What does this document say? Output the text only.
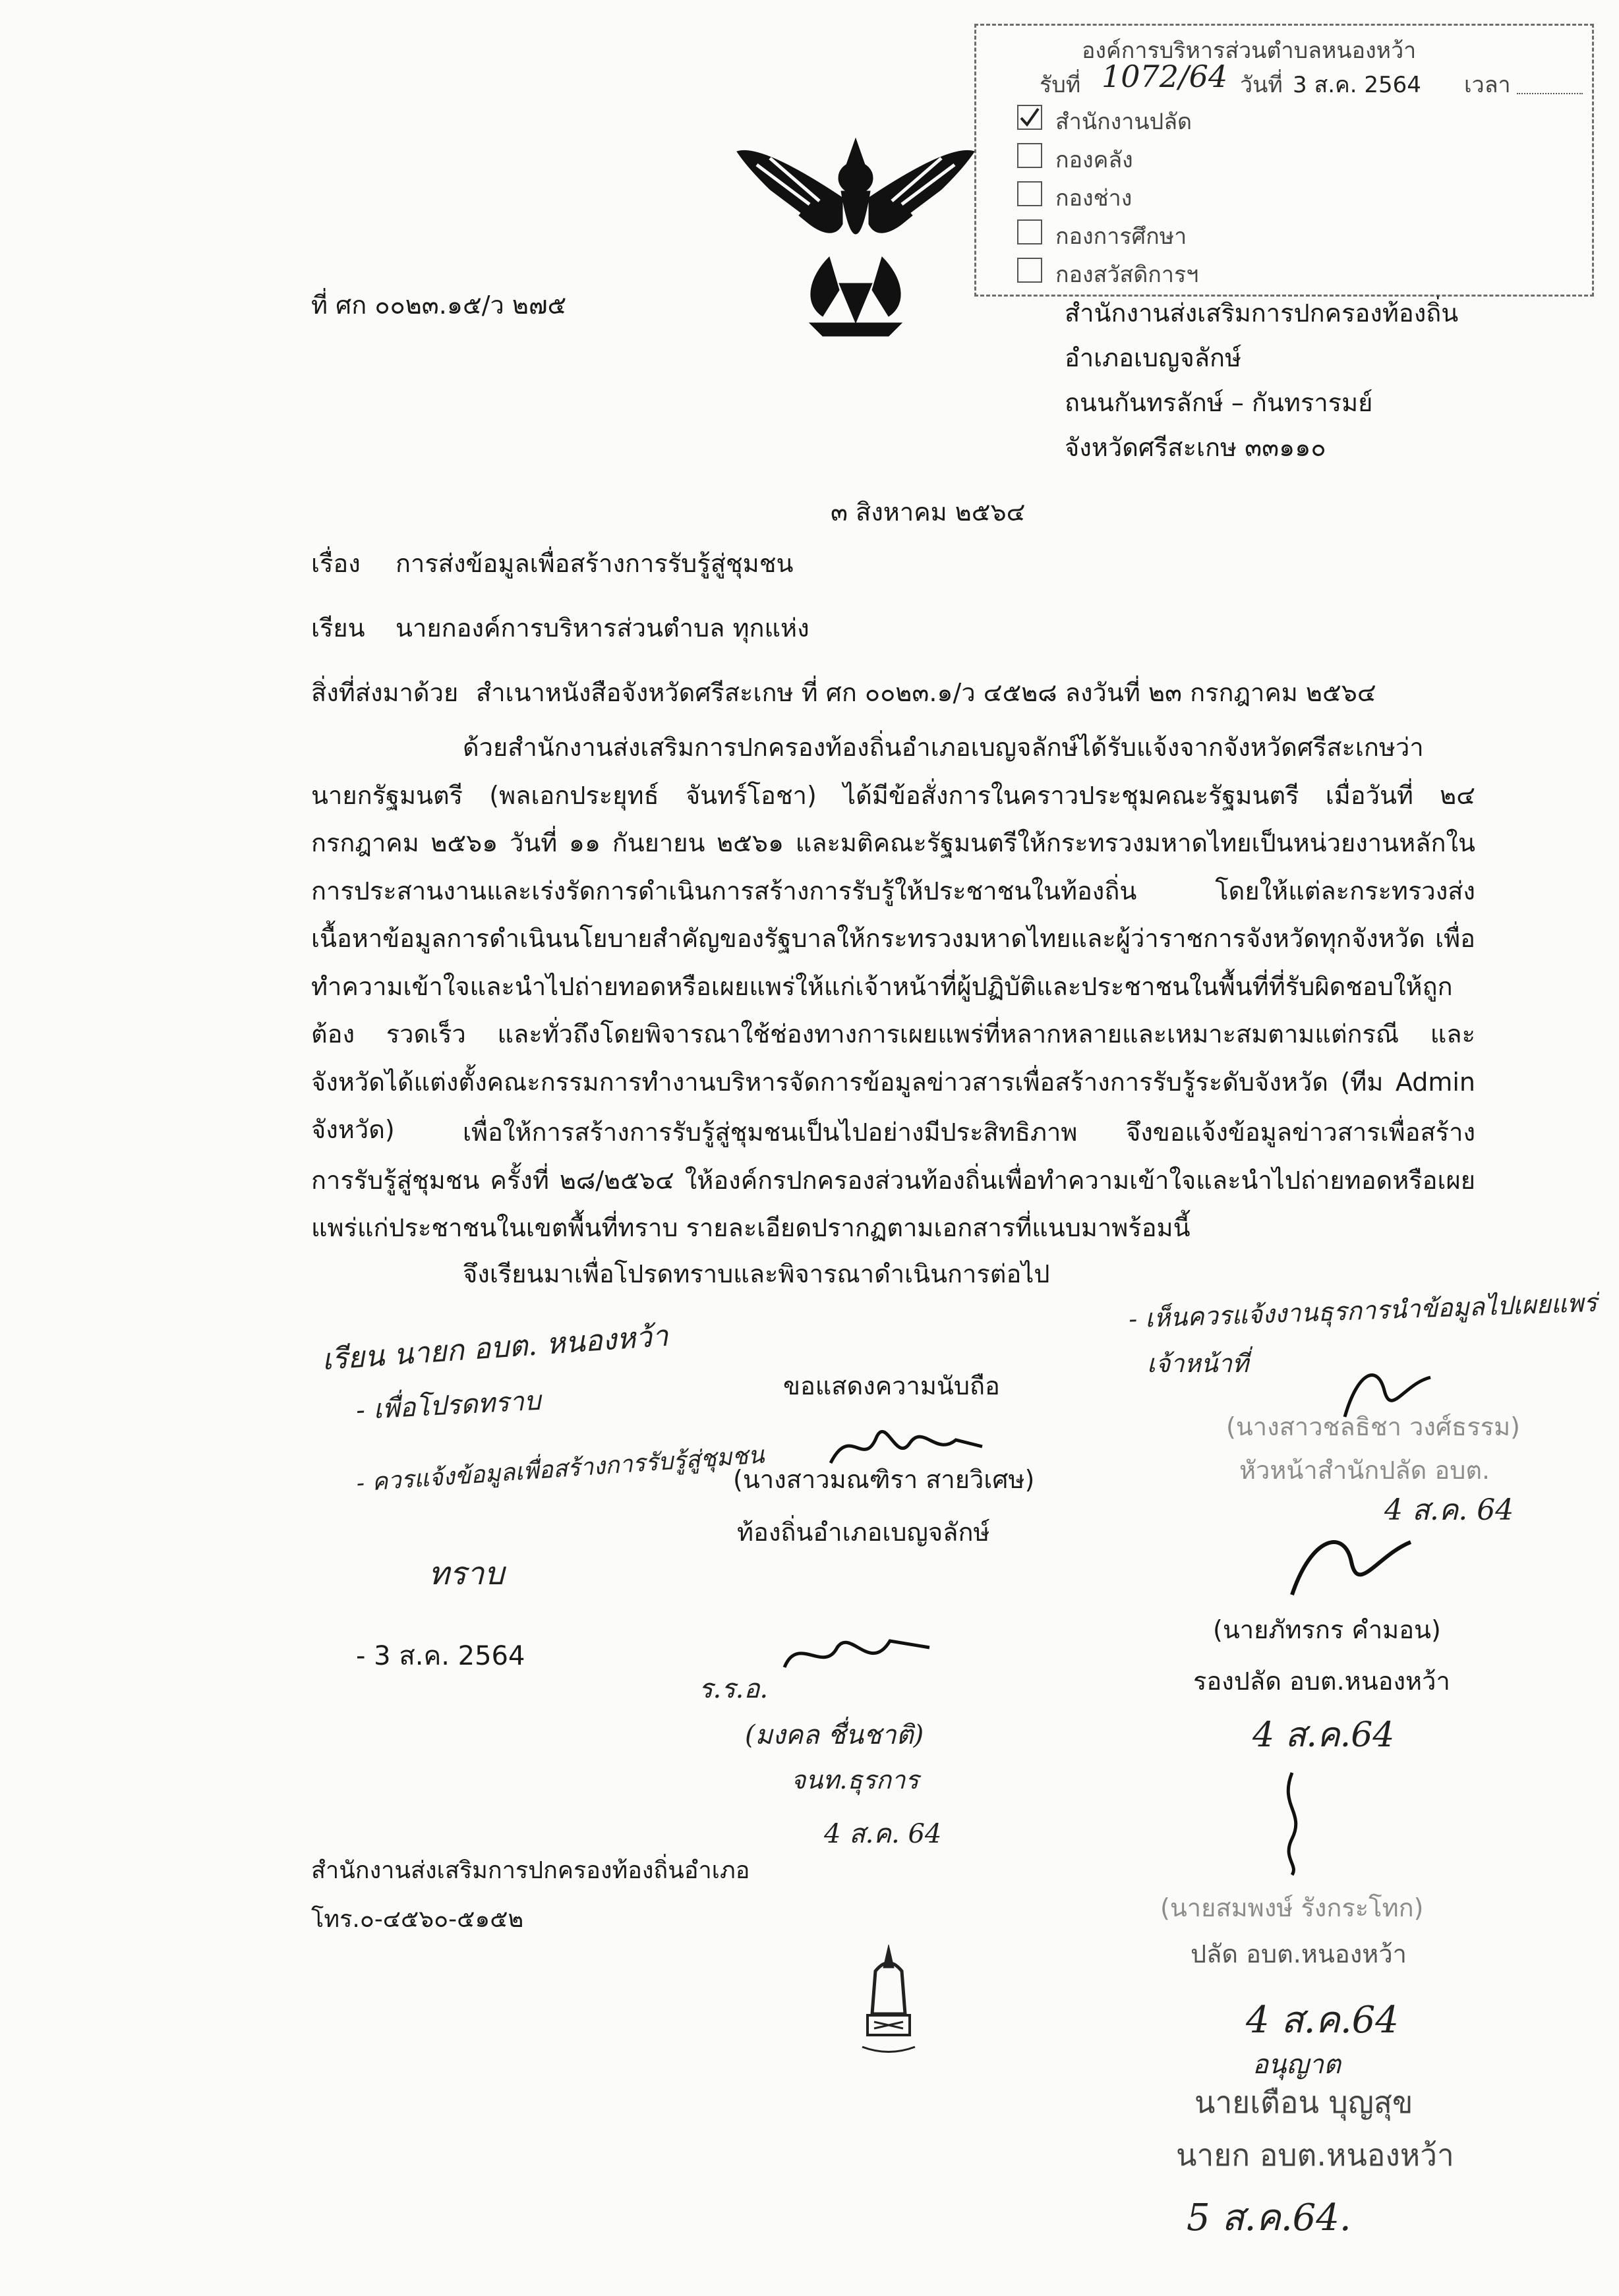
องค์การบริหารส่วนตำบลหนองหว้า
รับที่ 1072/64 วันที่ 3 ส.ค. 2564 เวลา
สำนักงานปลัด
กองคลัง
กองช่าง
กองการศึกษา
กองสวัสดิการฯ
ที่ ศก ๐๐๒๓.๑๕/ว ๒๗๕	สำนักงานส่งเสริมการปกครองท้องถิ่น
อำเภอเบญจลักษ์
ถนนกันทรลักษ์ – กันทรารมย์
จังหวัดศรีสะเกษ ๓๓๑๑๐
๓ สิงหาคม ๒๕๖๔
เรื่อง การส่งข้อมูลเพื่อสร้างการรับรู้สู่ชุมชน
เรียน นายกองค์การบริหารส่วนตำบล ทุกแห่ง
สิ่งที่ส่งมาด้วย สำเนาหนังสือจังหวัดศรีสะเกษ ที่ ศก ๐๐๒๓.๑/ว ๔๕๒๘ ลงวันที่ ๒๓ กรกฎาคม ๒๕๖๔
ด้วยสำนักงานส่งเสริมการปกครองท้องถิ่นอำเภอเบญจลักษ์ได้รับแจ้งจากจังหวัดศรีสะเกษว่า นายกรัฐมนตรี (พลเอกประยุทธ์ จันทร์โอชา) ได้มีข้อสั่งการในคราวประชุมคณะรัฐมนตรี เมื่อวันที่ ๒๔ กรกฎาคม ๒๕๖๑ วันที่ ๑๑ กันยายน ๒๕๖๑ และมติคณะรัฐมนตรีให้กระทรวงมหาดไทยเป็นหน่วยงานหลักในการประสานงานและเร่งรัดการดำเนินการสร้างการรับรู้ให้ประชาชนในท้องถิ่น โดยให้แต่ละกระทรวงส่งเนื้อหาข้อมูลการดำเนินนโยบายสำคัญของรัฐบาลให้กระทรวงมหาดไทยและผู้ว่าราชการจังหวัดทุกจังหวัด เพื่อทำความเข้าใจและนำไปถ่ายทอดหรือเผยแพร่ให้แก่เจ้าหน้าที่ผู้ปฏิบัติและประชาชนในพื้นที่ที่รับผิดชอบให้ถูกต้อง รวดเร็ว และทั่วถึงโดยพิจารณาใช้ช่องทางการเผยแพร่ที่หลากหลายและเหมาะสมตามแต่กรณี และจังหวัดได้แต่งตั้งคณะกรรมการทำงานบริหารจัดการข้อมูลข่าวสารเพื่อสร้างการรับรู้ระดับจังหวัด (ทีม Admin จังหวัด)	เพื่อให้การสร้างการรับรู้สู่ชุมชนเป็นไปอย่างมีประสิทธิภาพ จึงขอแจ้งข้อมูลข่าวสารเพื่อสร้างการรับรู้สู่ชุมชน ครั้งที่ ๒๘/๒๕๖๔ ให้องค์กรปกครองส่วนท้องถิ่นเพื่อทำความเข้าใจและนำไปถ่ายทอดหรือเผยแพร่แก่ประชาชนในเขตพื้นที่ทราบ รายละเอียดปรากฏตามเอกสารที่แนบมาพร้อมนี้
จึงเรียนมาเพื่อโปรดทราบและพิจารณาดำเนินการต่อไป
ขอแสดงความนับถือ
(นางสาวมณฑิรา สายวิเศษ)
ท้องถิ่นอำเภอเบญจลักษ์
เรียน นายก อบต. หนองหว้า
- เพื่อโปรดทราบ
- ควรแจ้งข้อมูลเพื่อสร้างการรับรู้สู่ชุมชน
ทราบ
- 3 ส.ค. 2564
ร.ร.อ.
(มงคล ชื่นชาติ)
จนท.ธุรการ
4 ส.ค. 64
- เห็นควรแจ้งงานธุรการนำข้อมูลไปเผยแพร่
เจ้าหน้าที่
(นางสาวชลธิชา วงศ์ธรรม)
หัวหน้าสำนักปลัด อบต.
4 ส.ค. 64
(นายภัทรกร คำมอน)
รองปลัด อบต.หนองหว้า
4 ส.ค.64
(นายสมพงษ์ รังกระโทก)
ปลัด อบต.หนองหว้า
4 ส.ค.64
อนุญาต
นายเตือน บุญสุข
นายก อบต.หนองหว้า
5 ส.ค.64.
สำนักงานส่งเสริมการปกครองท้องถิ่นอำเภอ
โทร.๐-๔๕๖๐-๕๑๕๒
